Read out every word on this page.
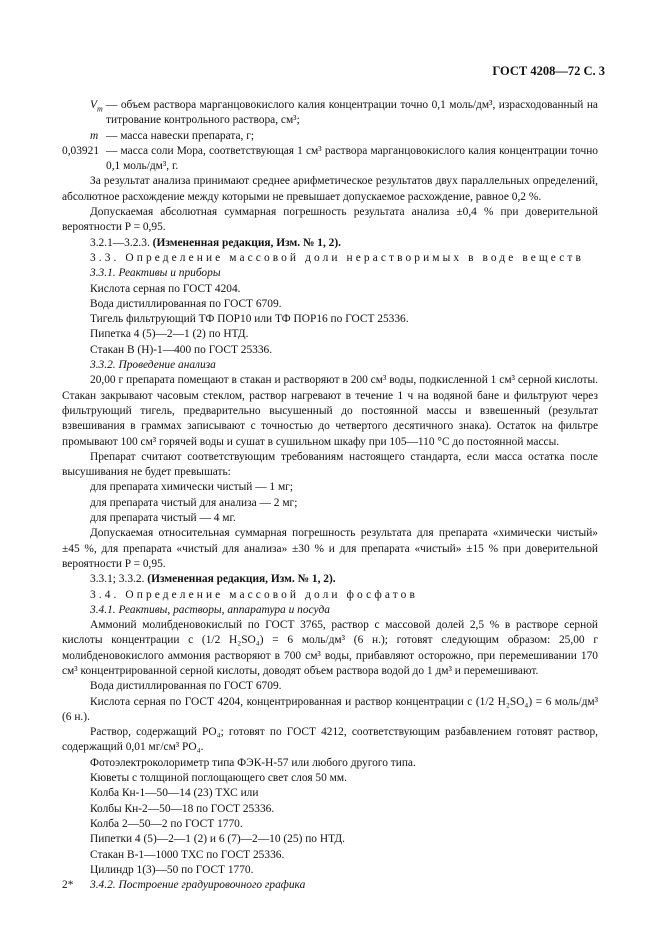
ГОСТ 4208—72 С. 3
$V_т$ — объем раствора марганцовокислого калия концентрации точно 0,1 моль/дм³, израсходованный на титрование контрольного раствора, см³;
m — масса навески препарата, г;
0,03921 — масса соли Мора, соответствующая 1 см³ раствора марганцовокислого калия концентрации точно 0,1 моль/дм³, г.

За результат анализа принимают среднее арифметическое результатов двух параллельных определений, абсолютное расхождение между которыми не превышает допускаемое расхождение, равное 0,2 %.

Допускаемая абсолютная суммарная погрешность результата анализа ±0,4 % при доверительной вероятности P = 0,95.

3.2.1—3.2.3. (Измененная редакция, Изм. № 1, 2).

3.3. Определение массовой доли нерастворимых в воде веществ

3.3.1. Реактивы и приборы

Кислота серная по ГОСТ 4204.

Вода дистиллированная по ГОСТ 6709.

Тигель фильтрующий ТФ ПОР10 или ТФ ПОР16 по ГОСТ 25336.

Пипетка 4 (5)—2—1 (2) по НТД.

Стакан В (Н)-1—400 по ГОСТ 25336.

3.3.2. Проведение анализа

20,00 г препарата помещают в стакан и растворяют в 200 см³ воды, подкисленной 1 см³ серной кислоты. Стакан закрывают часовым стеклом, раствор нагревают в течение 1 ч на водяной бане и фильтруют через фильтрующий тигель, предварительно высушенный до постоянной массы и взвешенный (результат взвешивания в граммах записывают с точностью до четвертого десятичного знака). Остаток на фильтре промывают 100 см³ горячей воды и сушат в сушильном шкафу при 105—110 °С до постоянной массы.

Препарат считают соответствующим требованиям настоящего стандарта, если масса остатка после высушивания не будет превышать:

для препарата химически чистый — 1 мг;

для препарата чистый для анализа — 2 мг;

для препарата чистый — 4 мг.

Допускаемая относительная суммарная погрешность результата для препарата «химически чистый» ±45 %, для препарата «чистый для анализа» ±30 % и для препарата «чистый» ±15 % при доверительной вероятности P = 0,95.

3.3.1; 3.3.2. (Измененная редакция, Изм. № 1, 2).

3.4. Определение массовой доли фосфатов

3.4.1. Реактивы, растворы, аппаратура и посуда

Аммоний молибденовокислый по ГОСТ 3765, раствор с массовой долей 2,5 % в растворе серной кислоты концентрации c (1/2 H₂SO₄) = 6 моль/дм³ (6 н.); готовят следующим образом: 25,00 г молибденовокислого аммония растворяют в 700 см³ воды, прибавляют осторожно, при перемешивании 170 см³ концентрированной серной кислоты, доводят объем раствора водой до 1 дм³ и перемешивают.

Вода дистиллированная по ГОСТ 6709.

Кислота серная по ГОСТ 4204, концентрированная и раствор концентрации c (1/2 H₂SO₄) = 6 моль/дм³ (6 н.).

Раствор, содержащий PO₄; готовят по ГОСТ 4212, соответствующим разбавлением готовят раствор, содержащий 0,01 мг/см³ PO₄.

Фотоэлектроколориметр типа ФЭК-Н-57 или любого другого типа.

Кюветы с толщиной поглощающего свет слоя 50 мм.

Колба Кн-1—50—14 (23) ТХС или

Колбы Кн-2—50—18 по ГОСТ 25336.

Колба 2—50—2 по ГОСТ 1770.

Пипетки 4 (5)—2—1 (2) и 6 (7)—2—10 (25) по НТД.

Стакан В-1—1000 ТХС по ГОСТ 25336.

Цилиндр 1(3)—50 по ГОСТ 1770.

3.4.2. Построение градуировочного графика

2*
